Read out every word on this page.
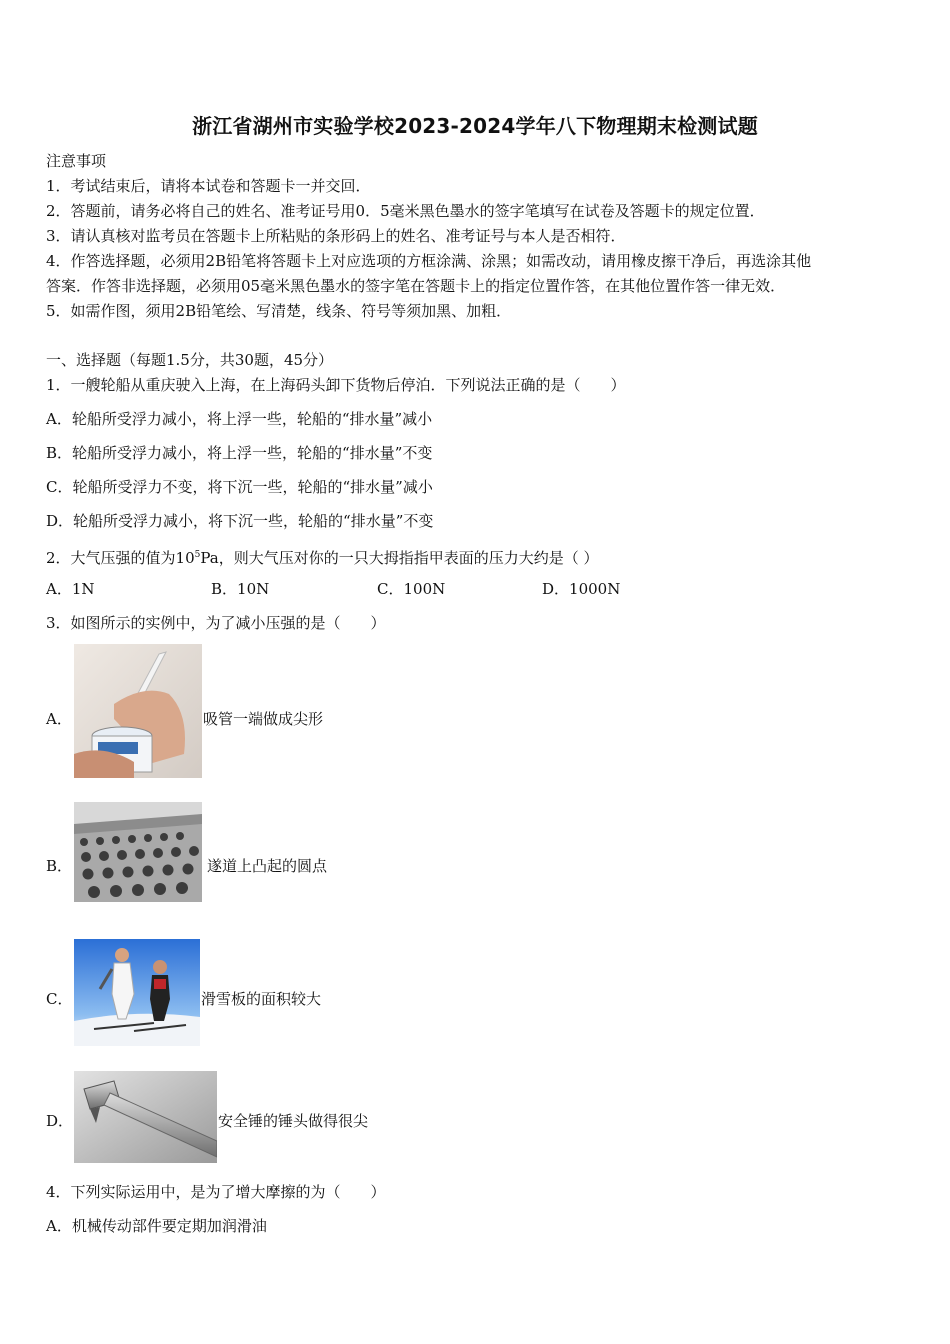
浙江省湖州市实验学校2023-2024学年八下物理期末检测试题
注意事项
1．考试结束后，请将本试卷和答题卡一并交回．
2．答题前，请务必将自己的姓名、准考证号用0．5毫米黑色墨水的签字笔填写在试卷及答题卡的规定位置．
3．请认真核对监考员在答题卡上所粘贴的条形码上的姓名、准考证号与本人是否相符．
4．作答选择题，必须用2B铅笔将答题卡上对应选项的方框涂满、涂黑；如需改动，请用橡皮擦干净后，再选涂其他
答案．作答非选择题，必须用05毫米黑色墨水的签字笔在答题卡上的指定位置作答，在其他位置作答一律无效．
5．如需作图，须用2B铅笔绘、写清楚，线条、符号等须加黑、加粗．
一、选择题（每题1.5分，共30题，45分）
1．一艘轮船从重庆驶入上海，在上海码头卸下货物后停泊．下列说法正确的是（　　）
A．轮船所受浮力减小，将上浮一些，轮船的“排水量”减小
B．轮船所受浮力减小，将上浮一些，轮船的“排水量”不变
C．轮船所受浮力不变，将下沉一些，轮船的“排水量”减小
D．轮船所受浮力减小，将下沉一些，轮船的“排水量”不变
2．大气压强的值为$10^5Pa$，则大气压对你的一只大拇指指甲表面的压力大约是（ ）
A．1N	B．10N	C．100N	D．1000N
3．如图所示的实例中，为了减小压强的是（　　）
A．	吸管一端做成尖形
B．	遂道上凸起的圆点
C．	滑雪板的面积较大
D．	安全锤的锤头做得很尖
4．下列实际运用中，是为了增大摩擦的为（　　）
A．机械传动部件要定期加润滑油
